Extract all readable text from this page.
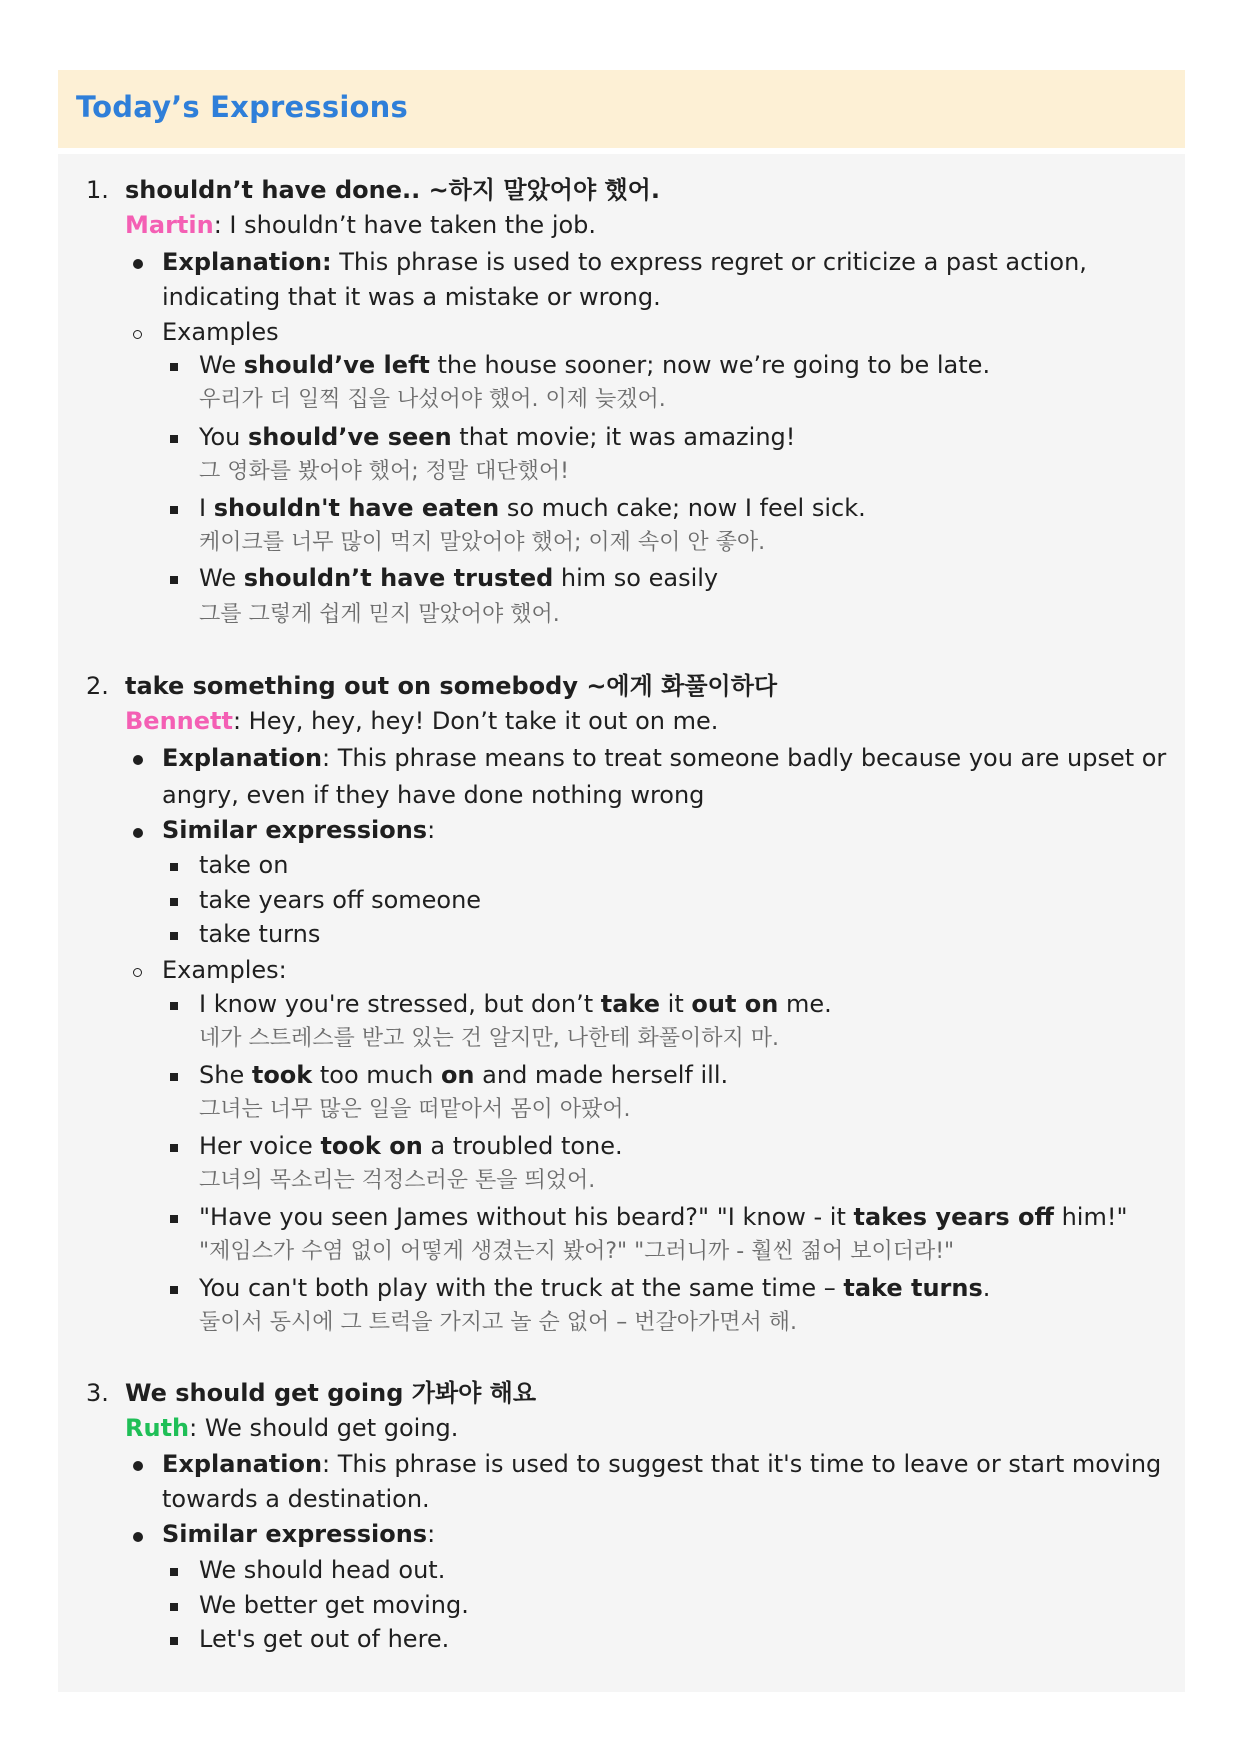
Today’s Expressions
1. shouldn’t have done.. ~하지 말았어야 했어.
Martin: I shouldn’t have taken the job.
Explanation: This phrase is used to express regret or criticize a past action,
indicating that it was a mistake or wrong.
Examples
We should’ve left the house sooner; now we’re going to be late.
우리가 더 일찍 집을 나섰어야 했어. 이제 늦겠어.
You should’ve seen that movie; it was amazing!
그 영화를 봤어야 했어; 정말 대단했어!
I shouldn't have eaten so much cake; now I feel sick.
케이크를 너무 많이 먹지 말았어야 했어; 이제 속이 안 좋아.
We shouldn’t have trusted him so easily
그를 그렇게 쉽게 믿지 말았어야 했어.
2. take something out on somebody ~에게 화풀이하다
Bennett: Hey, hey, hey! Don’t take it out on me.
Explanation: This phrase means to treat someone badly because you are upset or
angry, even if they have done nothing wrong
Similar expressions:
take on
take years off someone
take turns
Examples:
I know you're stressed, but don’t take it out on me.
네가 스트레스를 받고 있는 건 알지만, 나한테 화풀이하지 마.
She took too much on and made herself ill.
그녀는 너무 많은 일을 떠맡아서 몸이 아팠어.
Her voice took on a troubled tone.
그녀의 목소리는 걱정스러운 톤을 띄었어.
"Have you seen James without his beard?" "I know - it takes years off him!"
"제임스가 수염 없이 어떻게 생겼는지 봤어?" "그러니까 - 훨씬 젊어 보이더라!"
You can't both play with the truck at the same time – take turns.
둘이서 동시에 그 트럭을 가지고 놀 순 없어 – 번갈아가면서 해.
3. We should get going 가봐야 해요
Ruth: We should get going.
Explanation: This phrase is used to suggest that it's time to leave or start moving
towards a destination.
Similar expressions:
We should head out.
We better get moving.
Let's get out of here.
